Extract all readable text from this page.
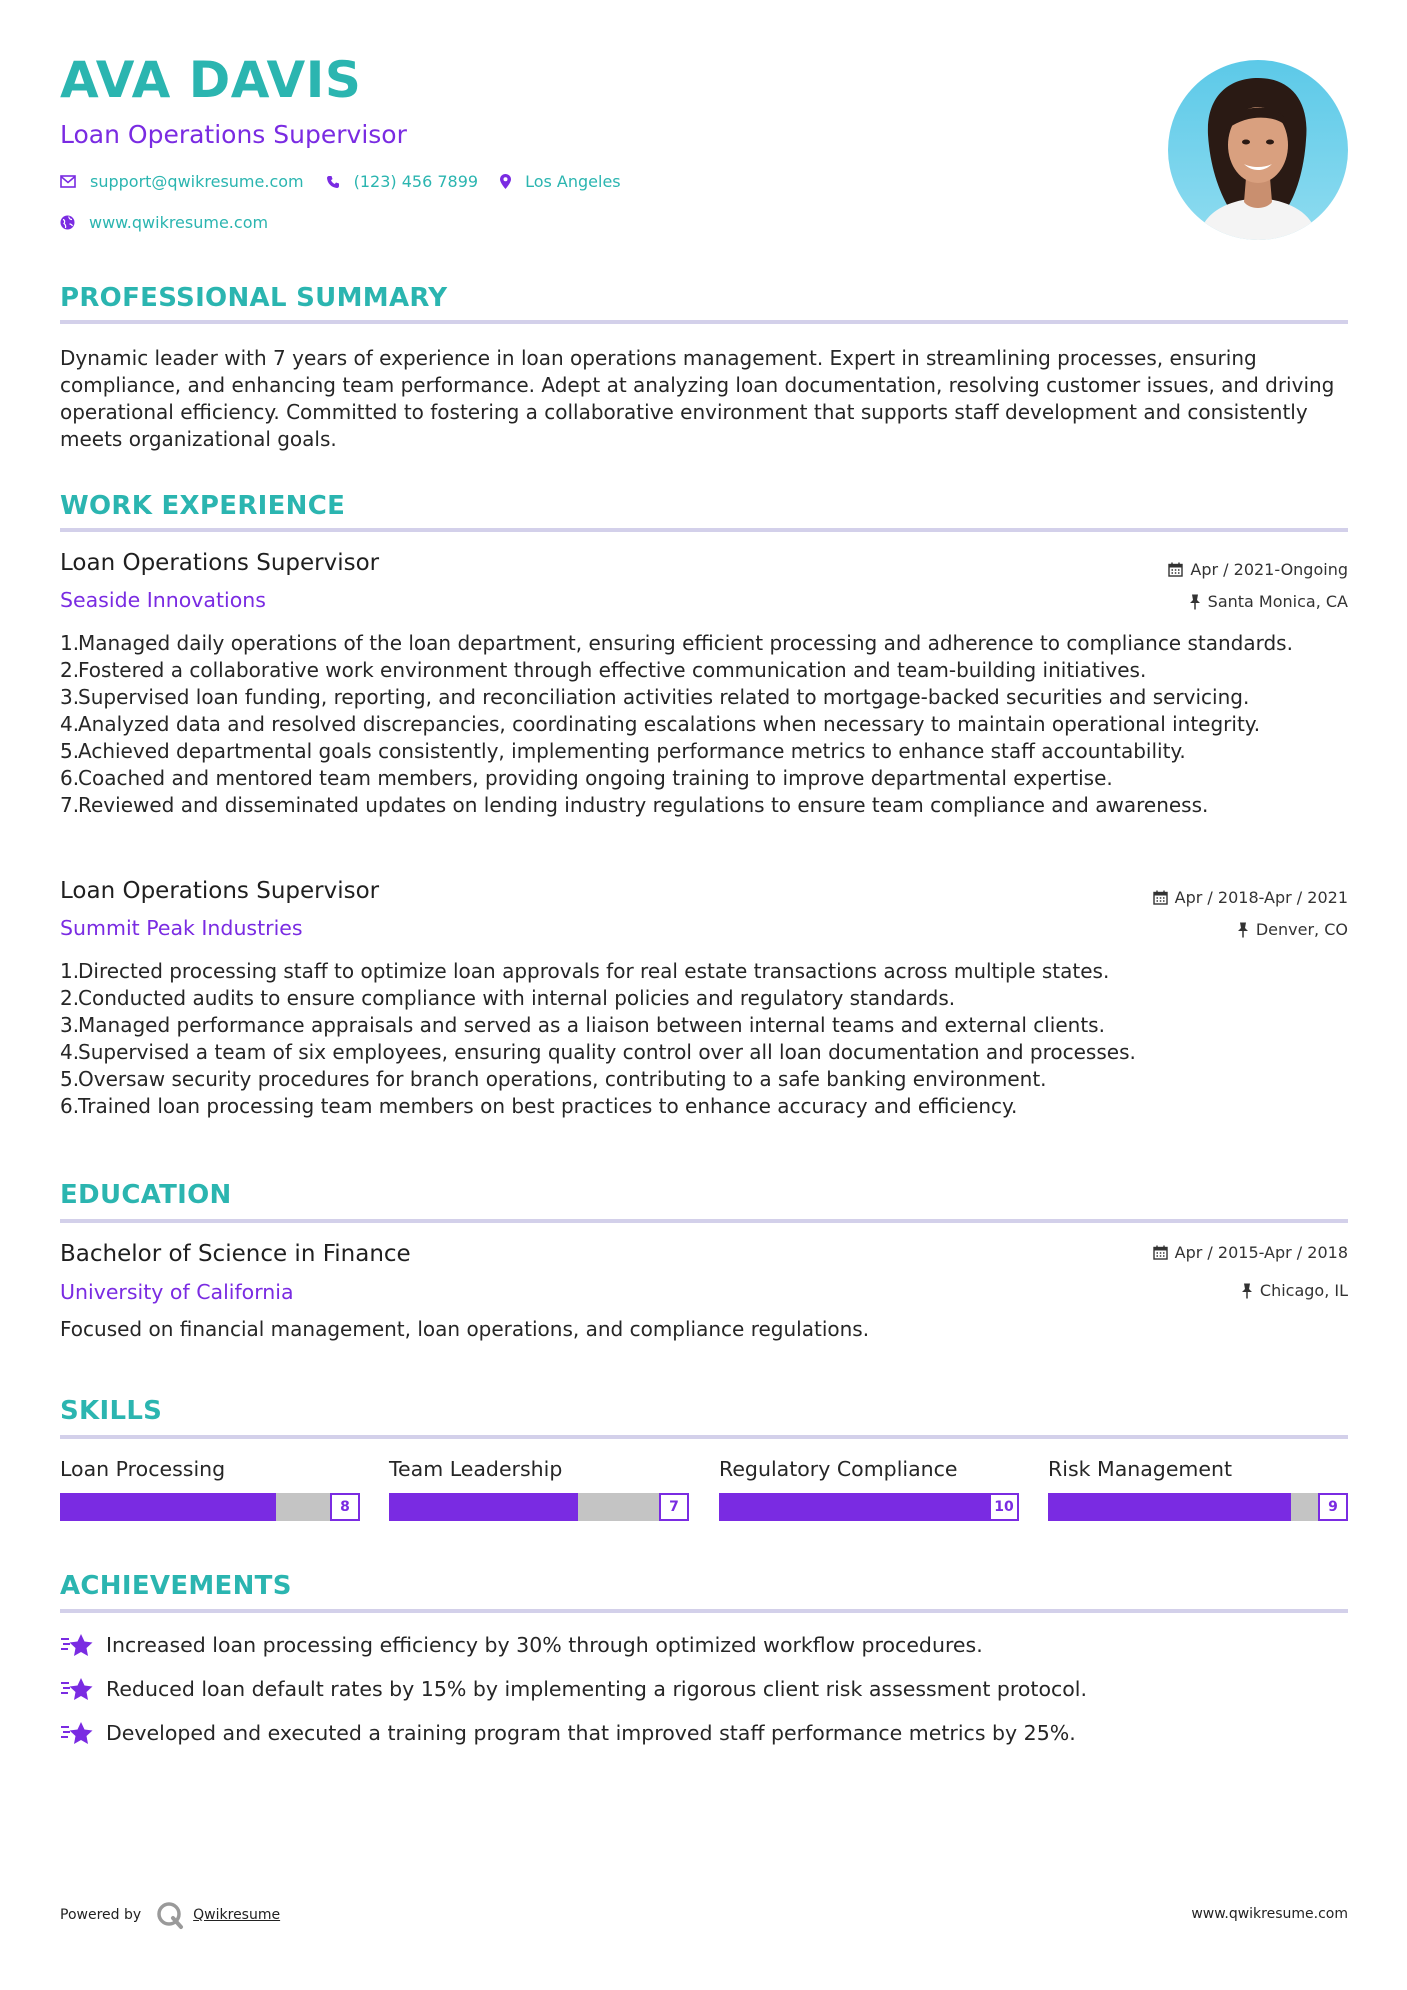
AVA DAVIS
Loan Operations Supervisor
support@qwikresume.com	(123) 456 7899	Los Angeles
www.qwikresume.com
PROFESSIONAL SUMMARY
Dynamic leader with 7 years of experience in loan operations management. Expert in streamlining processes, ensuring compliance, and enhancing team performance. Adept at analyzing loan documentation, resolving customer issues, and driving operational efficiency. Committed to fostering a collaborative environment that supports staff development and consistently meets organizational goals.
WORK EXPERIENCE
Loan Operations Supervisor	Apr / 2021-Ongoing
Seaside Innovations	Santa Monica, CA
1.
Managed daily operations of the loan department, ensuring efficient processing and adherence to compliance standards.
2.
Fostered a collaborative work environment through effective communication and team-building initiatives.
3.
Supervised loan funding, reporting, and reconciliation activities related to mortgage-backed securities and servicing.
4.
Analyzed data and resolved discrepancies, coordinating escalations when necessary to maintain operational integrity.
5.
Achieved departmental goals consistently, implementing performance metrics to enhance staff accountability.
6.
Coached and mentored team members, providing ongoing training to improve departmental expertise.
7.
Reviewed and disseminated updates on lending industry regulations to ensure team compliance and awareness.
Loan Operations Supervisor	Apr / 2018-Apr / 2021
Summit Peak Industries	Denver, CO
1.
Directed processing staff to optimize loan approvals for real estate transactions across multiple states.
2.
Conducted audits to ensure compliance with internal policies and regulatory standards.
3.
Managed performance appraisals and served as a liaison between internal teams and external clients.
4.
Supervised a team of six employees, ensuring quality control over all loan documentation and processes.
5.
Oversaw security procedures for branch operations, contributing to a safe banking environment.
6.
Trained loan processing team members on best practices to enhance accuracy and efficiency.
EDUCATION
Bachelor of Science in Finance	Apr / 2015-Apr / 2018
University of California	Chicago, IL
Focused on financial management, loan operations, and compliance regulations.
SKILLS
Loan Processing
8
Team Leadership
7
Regulatory Compliance
10
Risk Management
9
ACHIEVEMENTS
Increased loan processing efficiency by 30% through optimized workflow procedures.
Reduced loan default rates by 15% by implementing a rigorous client risk assessment protocol.
Developed and executed a training program that improved staff performance metrics by 25%.
Powered by	Qwikresume	www.qwikresume.com
